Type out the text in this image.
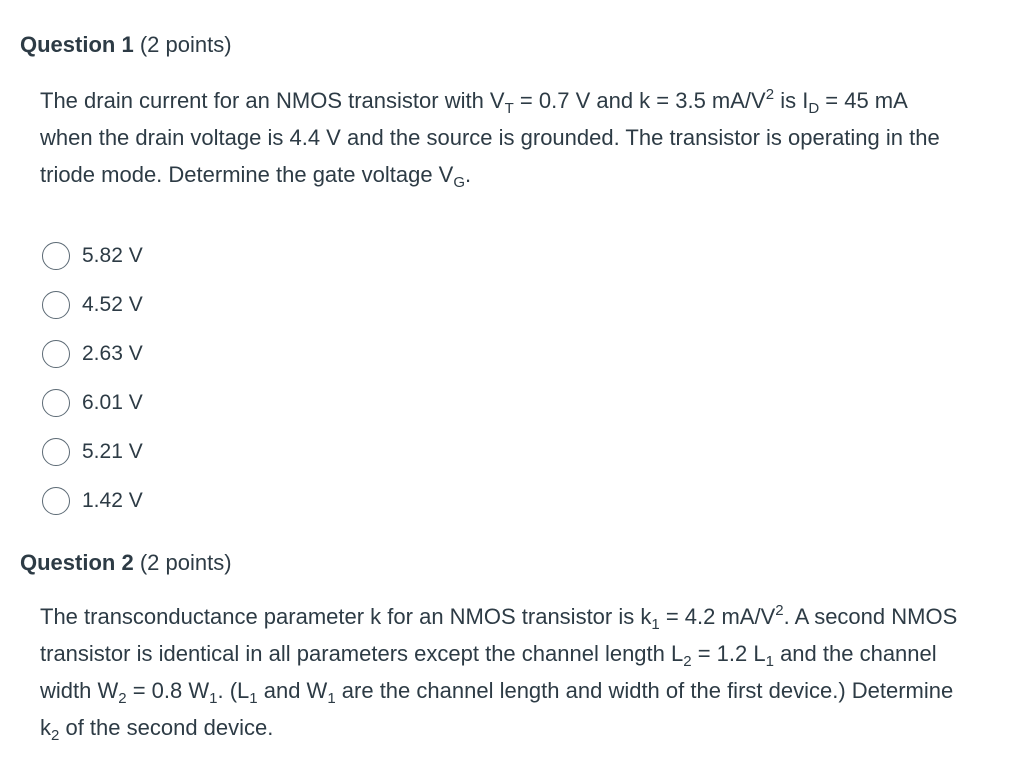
Question 1 (2 points)

The drain current for an NMOS transistor with $V_T = 0.7$ V and k = 3.5 $mA/V^2$ is $I_D = 45$ mA when the drain voltage is 4.4 V and the source is grounded. The transistor is operating in the triode mode. Determine the gate voltage $V_G$.

5.82 V
4.52 V
2.63 V
6.01 V
5.21 V
1.42 V
Question 2 (2 points)

The transconductance parameter k for an NMOS transistor is $k_1 = 4.2$ $mA/V^2$. A second NMOS transistor is identical in all parameters except the channel length $L_2 = 1.2$ $L_1$ and the channel width $W_2 = 0.8$ $W_1$. ($L_1$ and $W_1$ are the channel length and width of the first device.) Determine $k_2$ of the second device.
